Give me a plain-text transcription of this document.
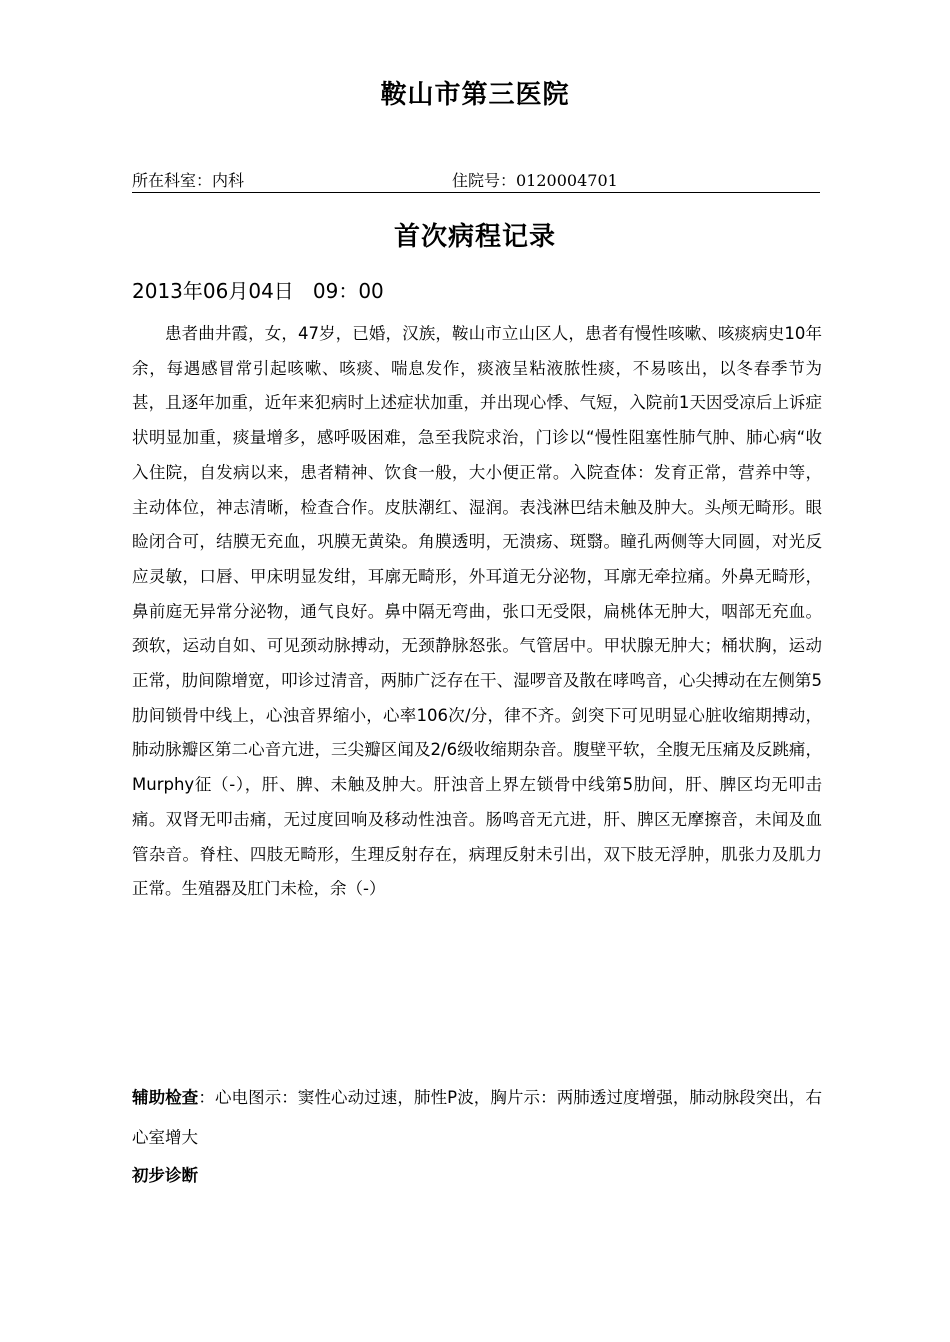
鞍山市第三医院
所在科室：内科	住院号：0120004701
首次病程记录
2013年06月04日   09：00

患者曲井霞，女，47岁，已婚，汉族，鞍山市立山区人，患者有慢性咳嗽、咳痰病史10年余，每遇感冒常引起咳嗽、咳痰、喘息发作，痰液呈粘液脓性痰，不易咳出，以冬春季节为甚，且逐年加重，近年来犯病时上述症状加重，并出现心悸、气短，入院前1天因受凉后上诉症状明显加重，痰量增多，感呼吸困难，急至我院求治，门诊以“慢性阻塞性肺气肿、肺心病“收入住院，自发病以来，患者精神、饮食一般，大小便正常。入院查体：发育正常，营养中等，主动体位，神志清晰，检查合作。皮肤潮红、湿润。表浅淋巴结未触及肿大。头颅无畸形。眼睑闭合可，结膜无充血，巩膜无黄染。角膜透明，无溃疡、斑翳。瞳孔两侧等大同圆，对光反应灵敏，口唇、甲床明显发绀，耳廓无畸形，外耳道无分泌物，耳廓无牵拉痛。外鼻无畸形，鼻前庭无异常分泌物，通气良好。鼻中隔无弯曲，张口无受限，扁桃体无肿大，咽部无充血。颈软，运动自如、可见颈动脉搏动，无颈静脉怒张。气管居中。甲状腺无肿大；桶状胸，运动正常，肋间隙增宽，叩诊过清音，两肺广泛存在干、湿啰音及散在哮鸣音，心尖搏动在左侧第5肋间锁骨中线上，心浊音界缩小，心率106次/分，律不齐。剑突下可见明显心脏收缩期搏动，肺动脉瓣区第二心音亢进，三尖瓣区闻及2/6级收缩期杂音。腹壁平软，全腹无压痛及反跳痛，Murphy征（-），肝、脾、未触及肿大。肝浊音上界左锁骨中线第5肋间，肝、脾区均无叩击痛。双肾无叩击痛，无过度回响及移动性浊音。肠鸣音无亢进，肝、脾区无摩擦音，未闻及血管杂音。脊柱、四肢无畸形，生理反射存在，病理反射未引出，双下肢无浮肿，肌张力及肌力正常。生殖器及肛门未检，余（-）

辅助检查：心电图示：窦性心动过速，肺性P波，胸片示：两肺透过度增强，肺动脉段突出，右心室增大

初步诊断
